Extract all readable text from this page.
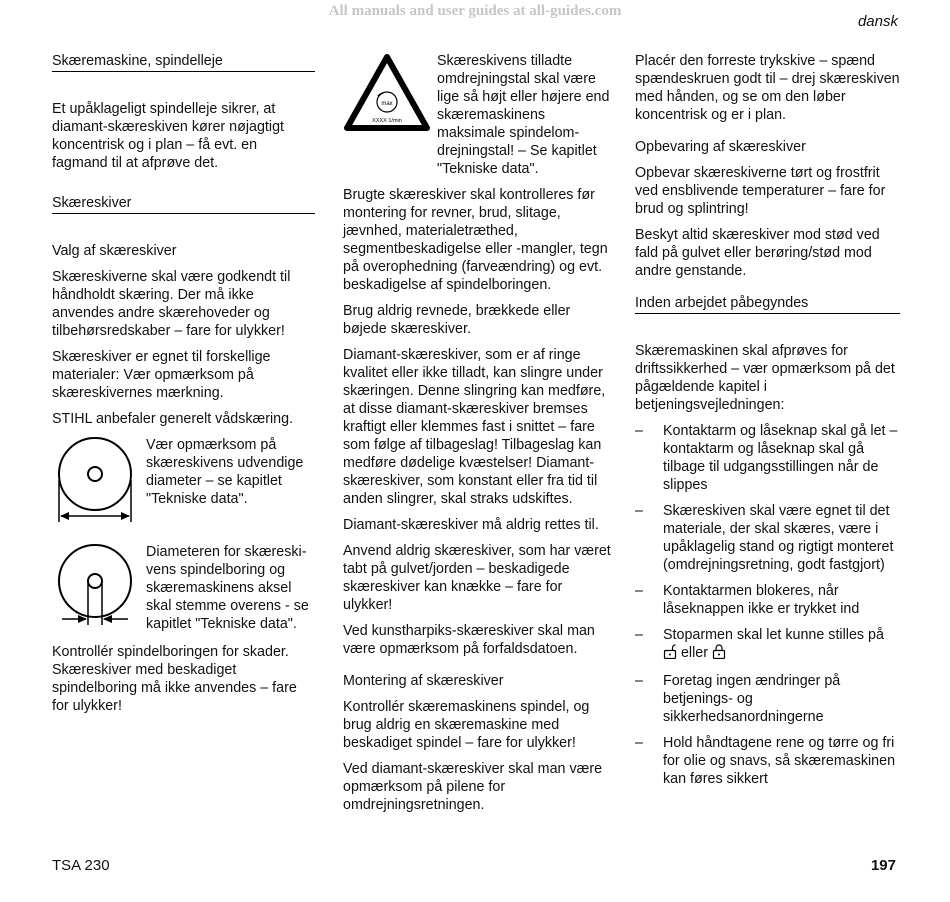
All manuals and user guides at all-guides.com
dansk
Skæremaskine, spindelleje

Et upåklageligt spindelleje sikrer, at diamant-skæreskiven kører nøjagtigt koncentrisk og i plan – få evt. en fagmand til at afprøve det.

Skæreskiver
Valg af skæreskiver

Skæreskiverne skal være godkendt til håndholdt skæring. Der må ikke anvendes andre skærehoveder og tilbehørsredskaber – fare for ulykker!

Skæreskiver er egnet til forskellige materialer: Vær opmærksom på skæreskivernes mærkning.

STIHL anbefaler generelt vådskæring.

Vær opmærksom på skæreskivens udvendige diameter – se kapitlet "Tekniske data".
Diameteren for skæreski-vens spindelboring og skæremaskinens aksel skal stemme overens - se kapitlet "Tekniske data".

Kontrollér spindelboringen for skader. Skæreskiver med beskadiget spindelboring må ikke anvendes – fare for ulykker!

max
XXXX 1/min
Skæreskivens tilladte omdrejningstal skal være lige så højt eller højere end skæremaskinens maksimale spindelom-drejningstal! – Se kapitlet "Tekniske data".

Brugte skæreskiver skal kontrolleres før montering for revner, brud, slitage, jævnhed, materialetræthed, segmentbeskadigelse eller -mangler, tegn på overophedning (farveændring) og evt. beskadigelse af spindelboringen.

Brug aldrig revnede, brækkede eller bøjede skæreskiver.

Diamant-skæreskiver, som er af ringe kvalitet eller ikke tilladt, kan slingre under skæringen. Denne slingring kan medføre, at disse diamant-skæreskiver bremses kraftigt eller klemmes fast i snittet – fare som følge af tilbageslag! Tilbageslag kan medføre dødelige kvæstelser! Diamant-skæreskiver, som konstant eller fra tid til anden slingrer, skal straks udskiftes.

Diamant-skæreskiver må aldrig rettes til.

Anvend aldrig skæreskiver, som har været tabt på gulvet/jorden – beskadigede skæreskiver kan knække – fare for ulykker!

Ved kunstharpiks-skæreskiver skal man være opmærksom på forfaldsdatoen.

Montering af skæreskiver

Kontrollér skæremaskinens spindel, og brug aldrig en skæremaskine med beskadiget spindel – fare for ulykker!

Ved diamant-skæreskiver skal man være opmærksom på pilene for omdrejningsretningen.

Placér den forreste trykskive – spænd spændeskruen godt til – drej skæreskiven med hånden, og se om den løber koncentrisk og er i plan.

Opbevaring af skæreskiver

Opbevar skæreskiverne tørt og frostfrit ved ensblivende temperaturer – fare for brud og splintring!

Beskyt altid skæreskiver mod stød ved fald på gulvet eller berøring/stød mod andre genstande.

Inden arbejdet påbegyndes

Skæremaskinen skal afprøves for driftssikkerhed – vær opmærksom på det pågældende kapitel i betjeningsvejledningen:

–	Kontaktarm og låseknap skal gå let – kontaktarm og låseknap skal gå tilbage til udgangsstillingen når de slippes
–	Skæreskiven skal være egnet til det materiale, der skal skæres, være i upåklagelig stand og rigtigt monteret (omdrejningsretning, godt fastgjort)
–	Kontaktarmen blokeres, når låseknappen ikke er trykket ind
–	Stoparmen skal let kunne stilles på
eller
–	Foretag ingen ændringer på betjenings- og sikkerhedsanordningerne
–	Hold håndtagene rene og tørre og fri for olie og snavs, så skæremaskinen kan føres sikkert
TSA 230	197
